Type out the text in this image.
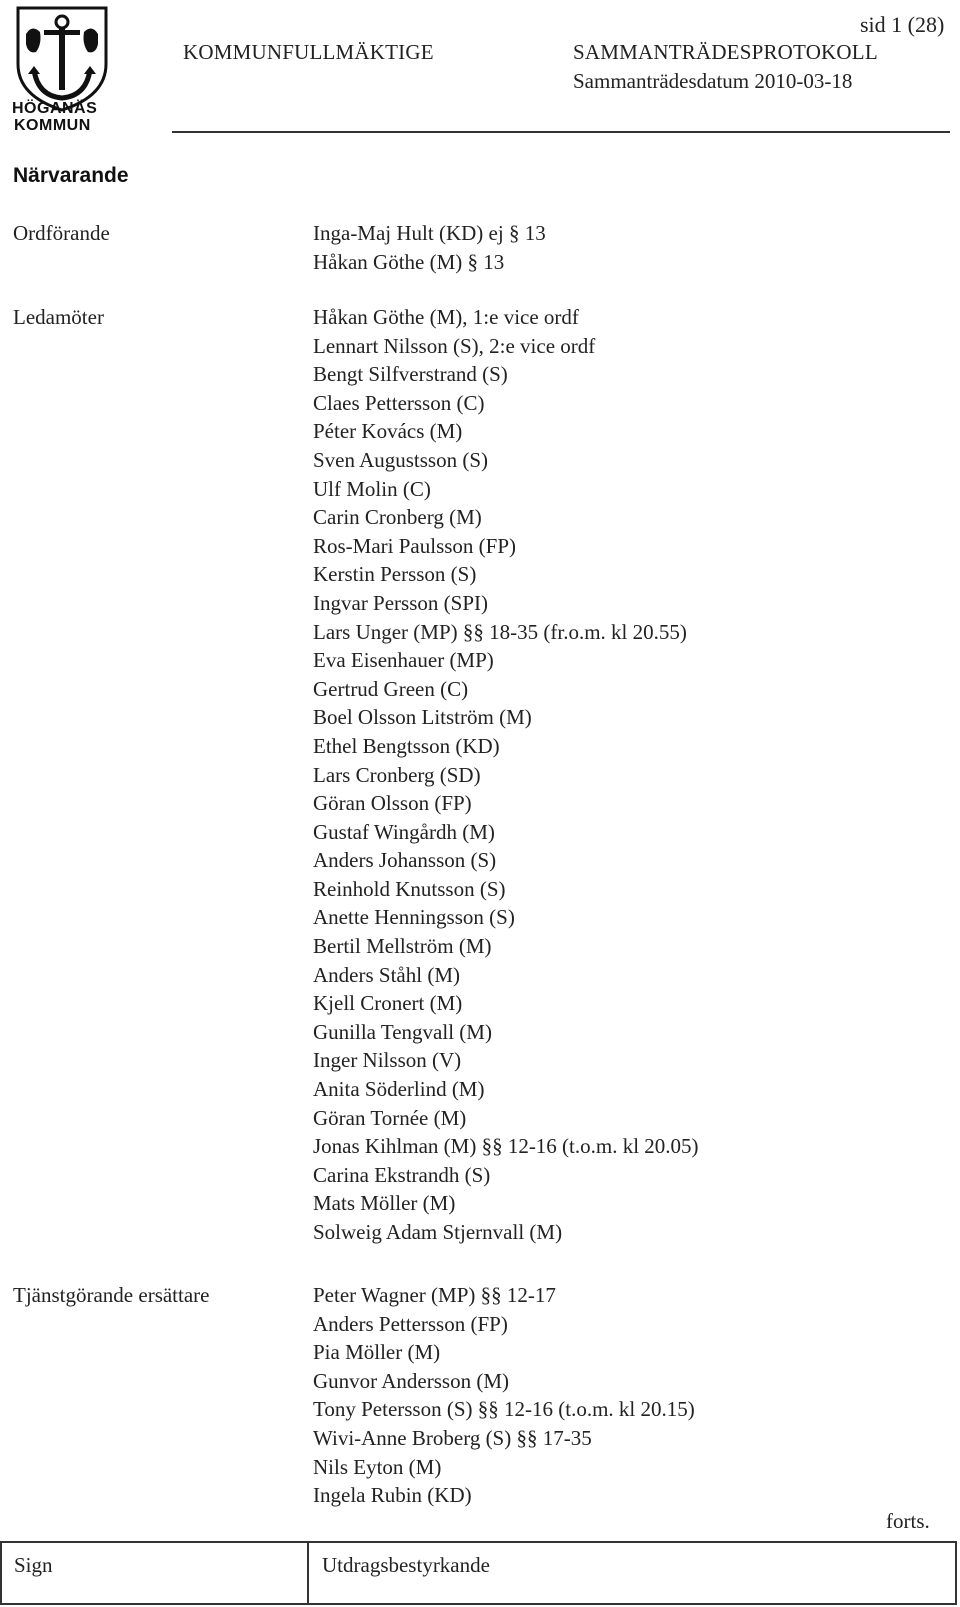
HÖGANÄS
KOMMUN
sid 1 (28)
KOMMUNFULLMÄKTIGE	SAMMANTRÄDESPROTOKOLL
Sammanträdesdatum 2010-03-18
Närvarande
Ordförande	Inga-Maj Hult (KD) ej § 13
Håkan Göthe (M) § 13
Ledamöter	Håkan Göthe (M), 1:e vice ordf
Lennart Nilsson (S), 2:e vice ordf
Bengt Silfverstrand (S)
Claes Pettersson (C)
Péter Kovács (M)
Sven Augustsson (S)
Ulf Molin (C)
Carin Cronberg (M)
Ros-Mari Paulsson (FP)
Kerstin Persson (S)
Ingvar Persson (SPI)
Lars Unger (MP) §§ 18-35 (fr.o.m. kl 20.55)
Eva Eisenhauer (MP)
Gertrud Green (C)
Boel Olsson Litström (M)
Ethel Bengtsson (KD)
Lars Cronberg (SD)
Göran Olsson (FP)
Gustaf Wingårdh (M)
Anders Johansson (S)
Reinhold Knutsson (S)
Anette Henningsson (S)
Bertil Mellström (M)
Anders Ståhl (M)
Kjell Cronert (M)
Gunilla Tengvall (M)
Inger Nilsson (V)
Anita Söderlind (M)
Göran Tornée (M)
Jonas Kihlman (M) §§ 12-16 (t.o.m. kl 20.05)
Carina Ekstrandh (S)
Mats Möller (M)
Solweig Adam Stjernvall (M)
Tjänstgörande ersättare	Peter Wagner (MP) §§ 12-17
Anders Pettersson (FP)
Pia Möller (M)
Gunvor Andersson (M)
Tony Petersson (S) §§ 12-16 (t.o.m. kl 20.15)
Wivi-Anne Broberg (S) §§ 17-35
Nils Eyton (M)
Ingela Rubin (KD)
forts.
Sign	Utdragsbestyrkande
